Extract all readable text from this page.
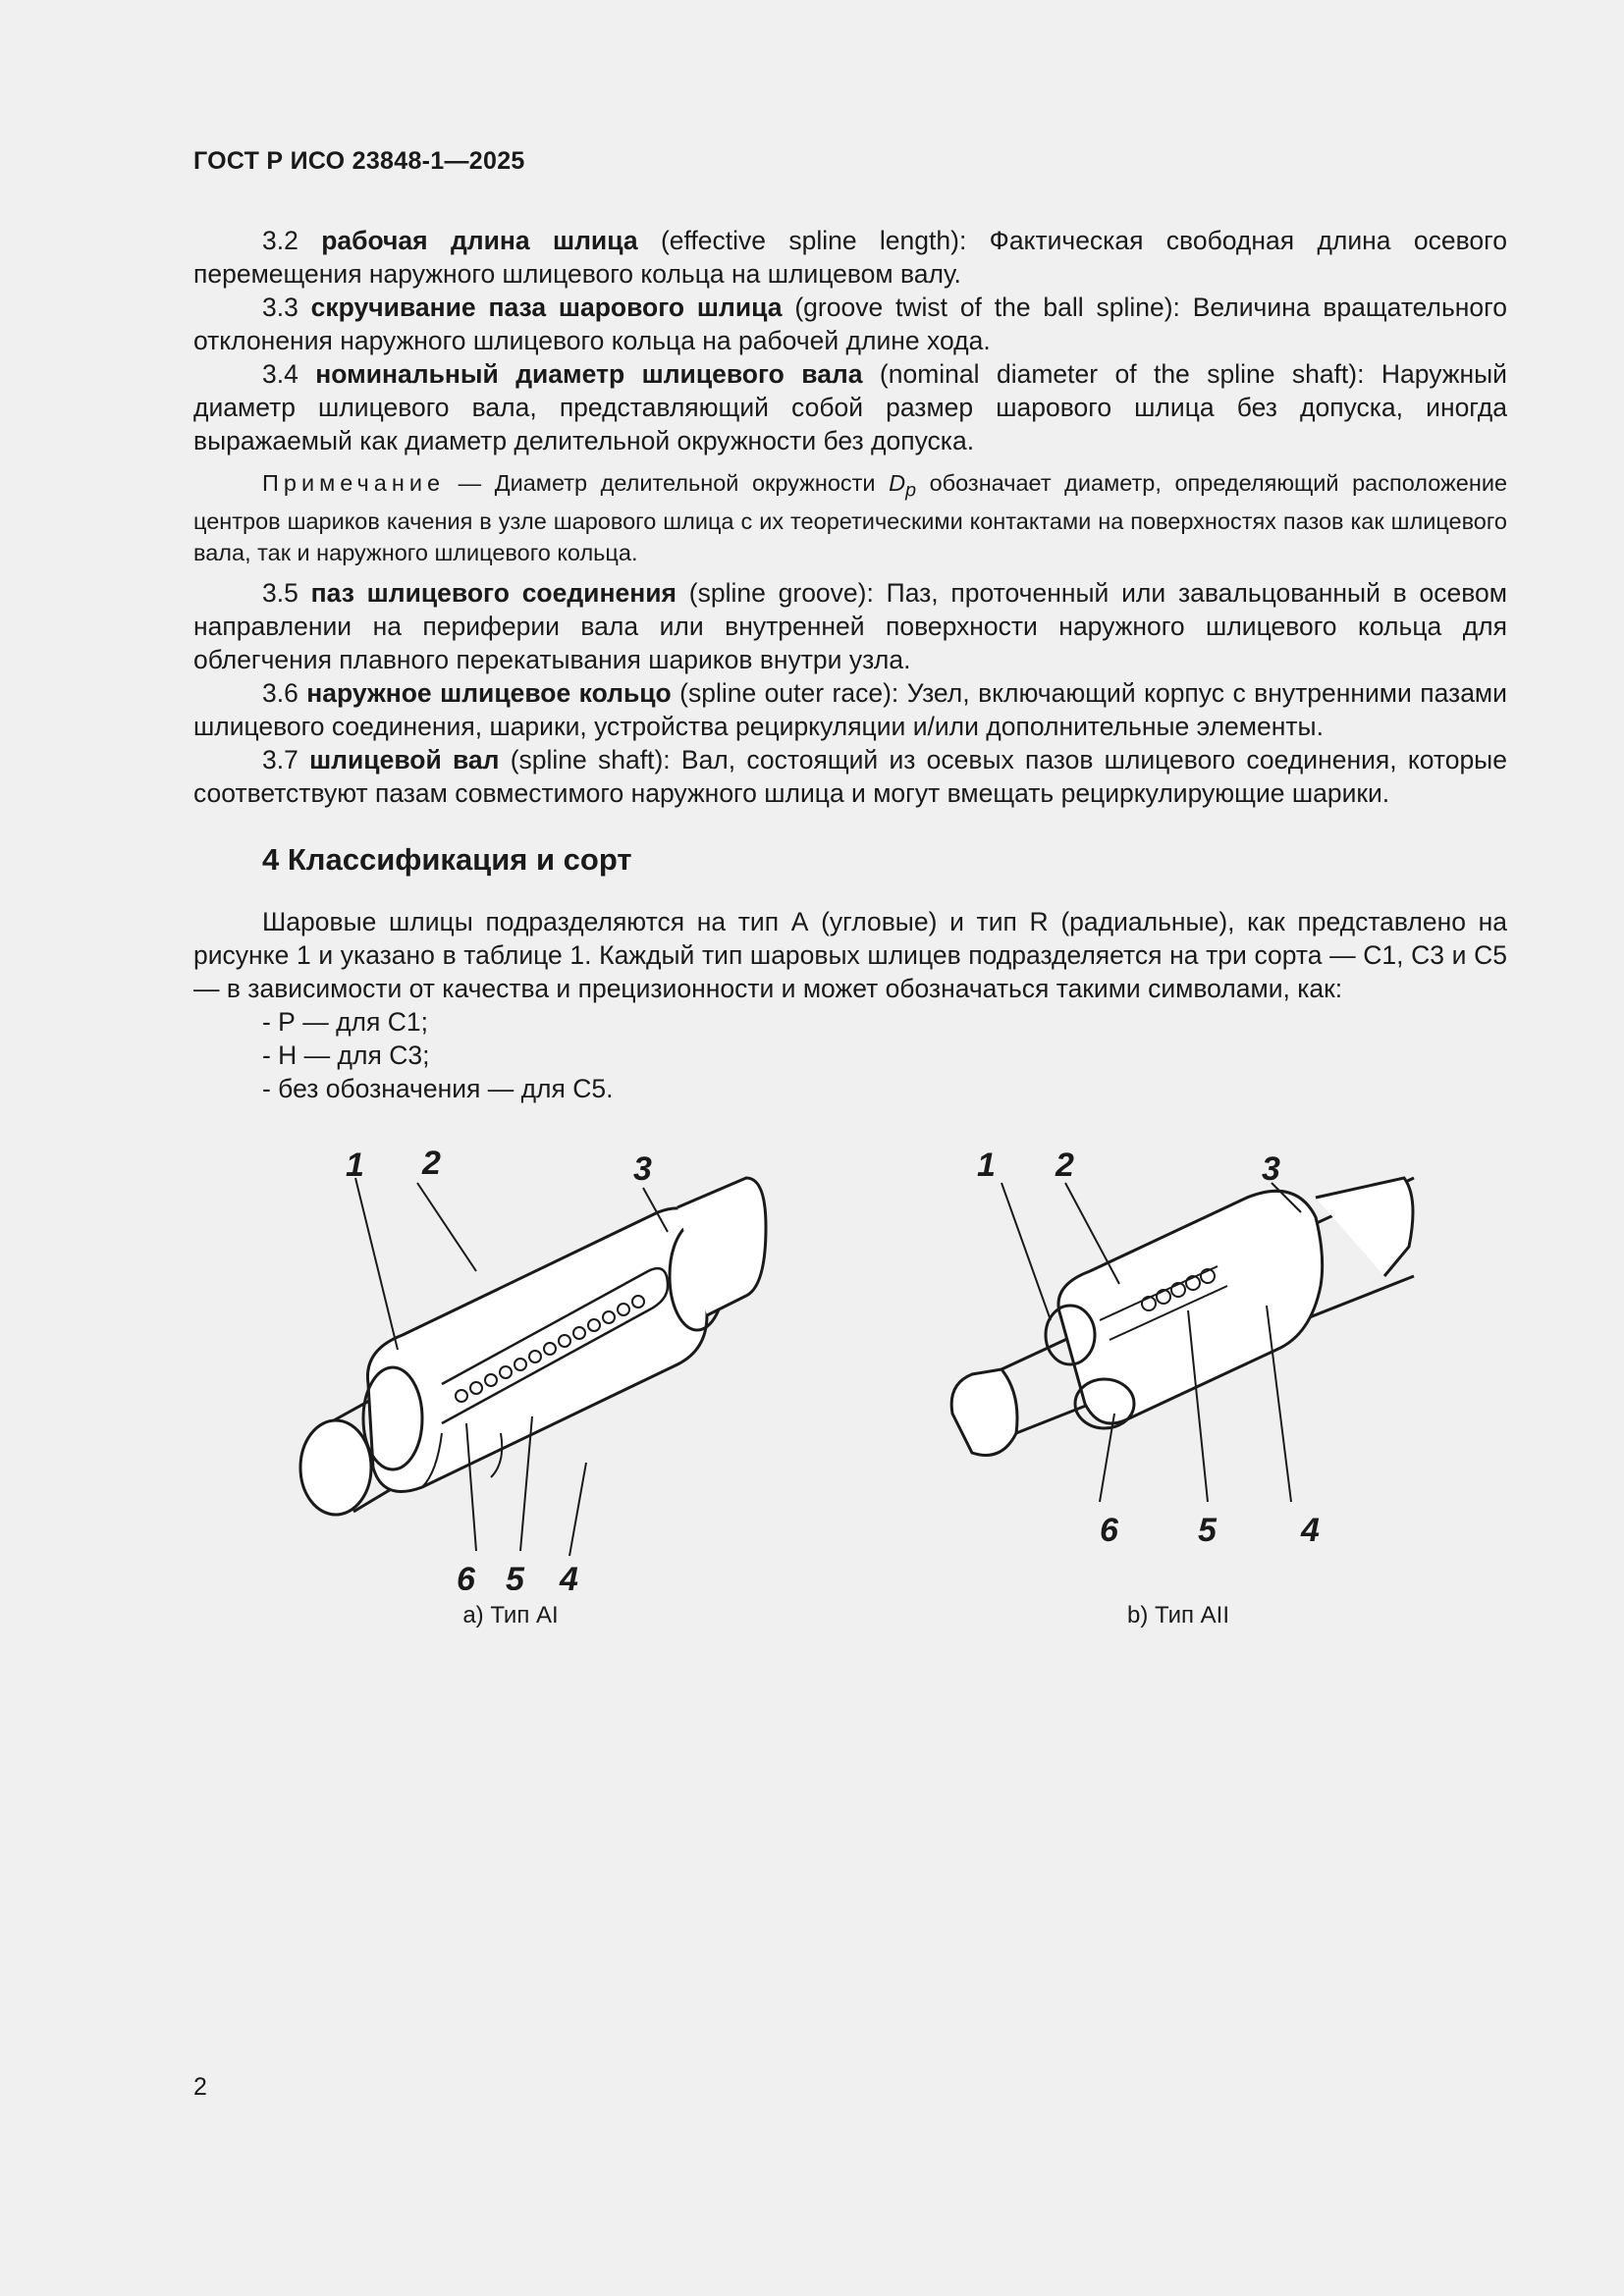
ГОСТ Р ИСО 23848-1—2025

3.2 рабочая длина шлица (effective spline length): Фактическая свободная длина осевого перемещения наружного шлицевого кольца на шлицевом валу.

3.3 скручивание паза шарового шлица (groove twist of the ball spline): Величина вращательного отклонения наружного шлицевого кольца на рабочей длине хода.

3.4 номинальный диаметр шлицевого вала (nominal diameter of the spline shaft): Наружный диаметр шлицевого вала, представляющий собой размер шарового шлица без допуска, иногда выражаемый как диаметр делительной окружности без допуска.

Примечание — Диаметр делительной окружности $D_p$ обозначает диаметр, определяющий расположение центров шариков качения в узле шарового шлица с их теоретическими контактами на поверхностях пазов как шлицевого вала, так и наружного шлицевого кольца.

3.5 паз шлицевого соединения (spline groove): Паз, проточенный или завальцованный в осевом направлении на периферии вала или внутренней поверхности наружного шлицевого кольца для облегчения плавного перекатывания шариков внутри узла.

3.6 наружное шлицевое кольцо (spline outer race): Узел, включающий корпус с внутренними пазами шлицевого соединения, шарики, устройства рециркуляции и/или дополнительные элементы.

3.7 шлицевой вал (spline shaft): Вал, состоящий из осевых пазов шлицевого соединения, которые соответствуют пазам совместимого наружного шлица и могут вмещать рециркулирующие шарики.

4 Классификация и сорт

Шаровые шлицы подразделяются на тип А (угловые) и тип R (радиальные), как представлено на рисунке 1 и указано в таблице 1. Каждый тип шаровых шлицев подразделяется на три сорта — С1, С3 и С5 — в зависимости от качества и прецизионности и может обозначаться такими символами, как:

- Р — для С1;
- Н — для С3;
- без обозначения — для С5.
1 2	3
4
5
6
а) Тип АI
1 2	3
4
5
6
b) Тип АII
2
